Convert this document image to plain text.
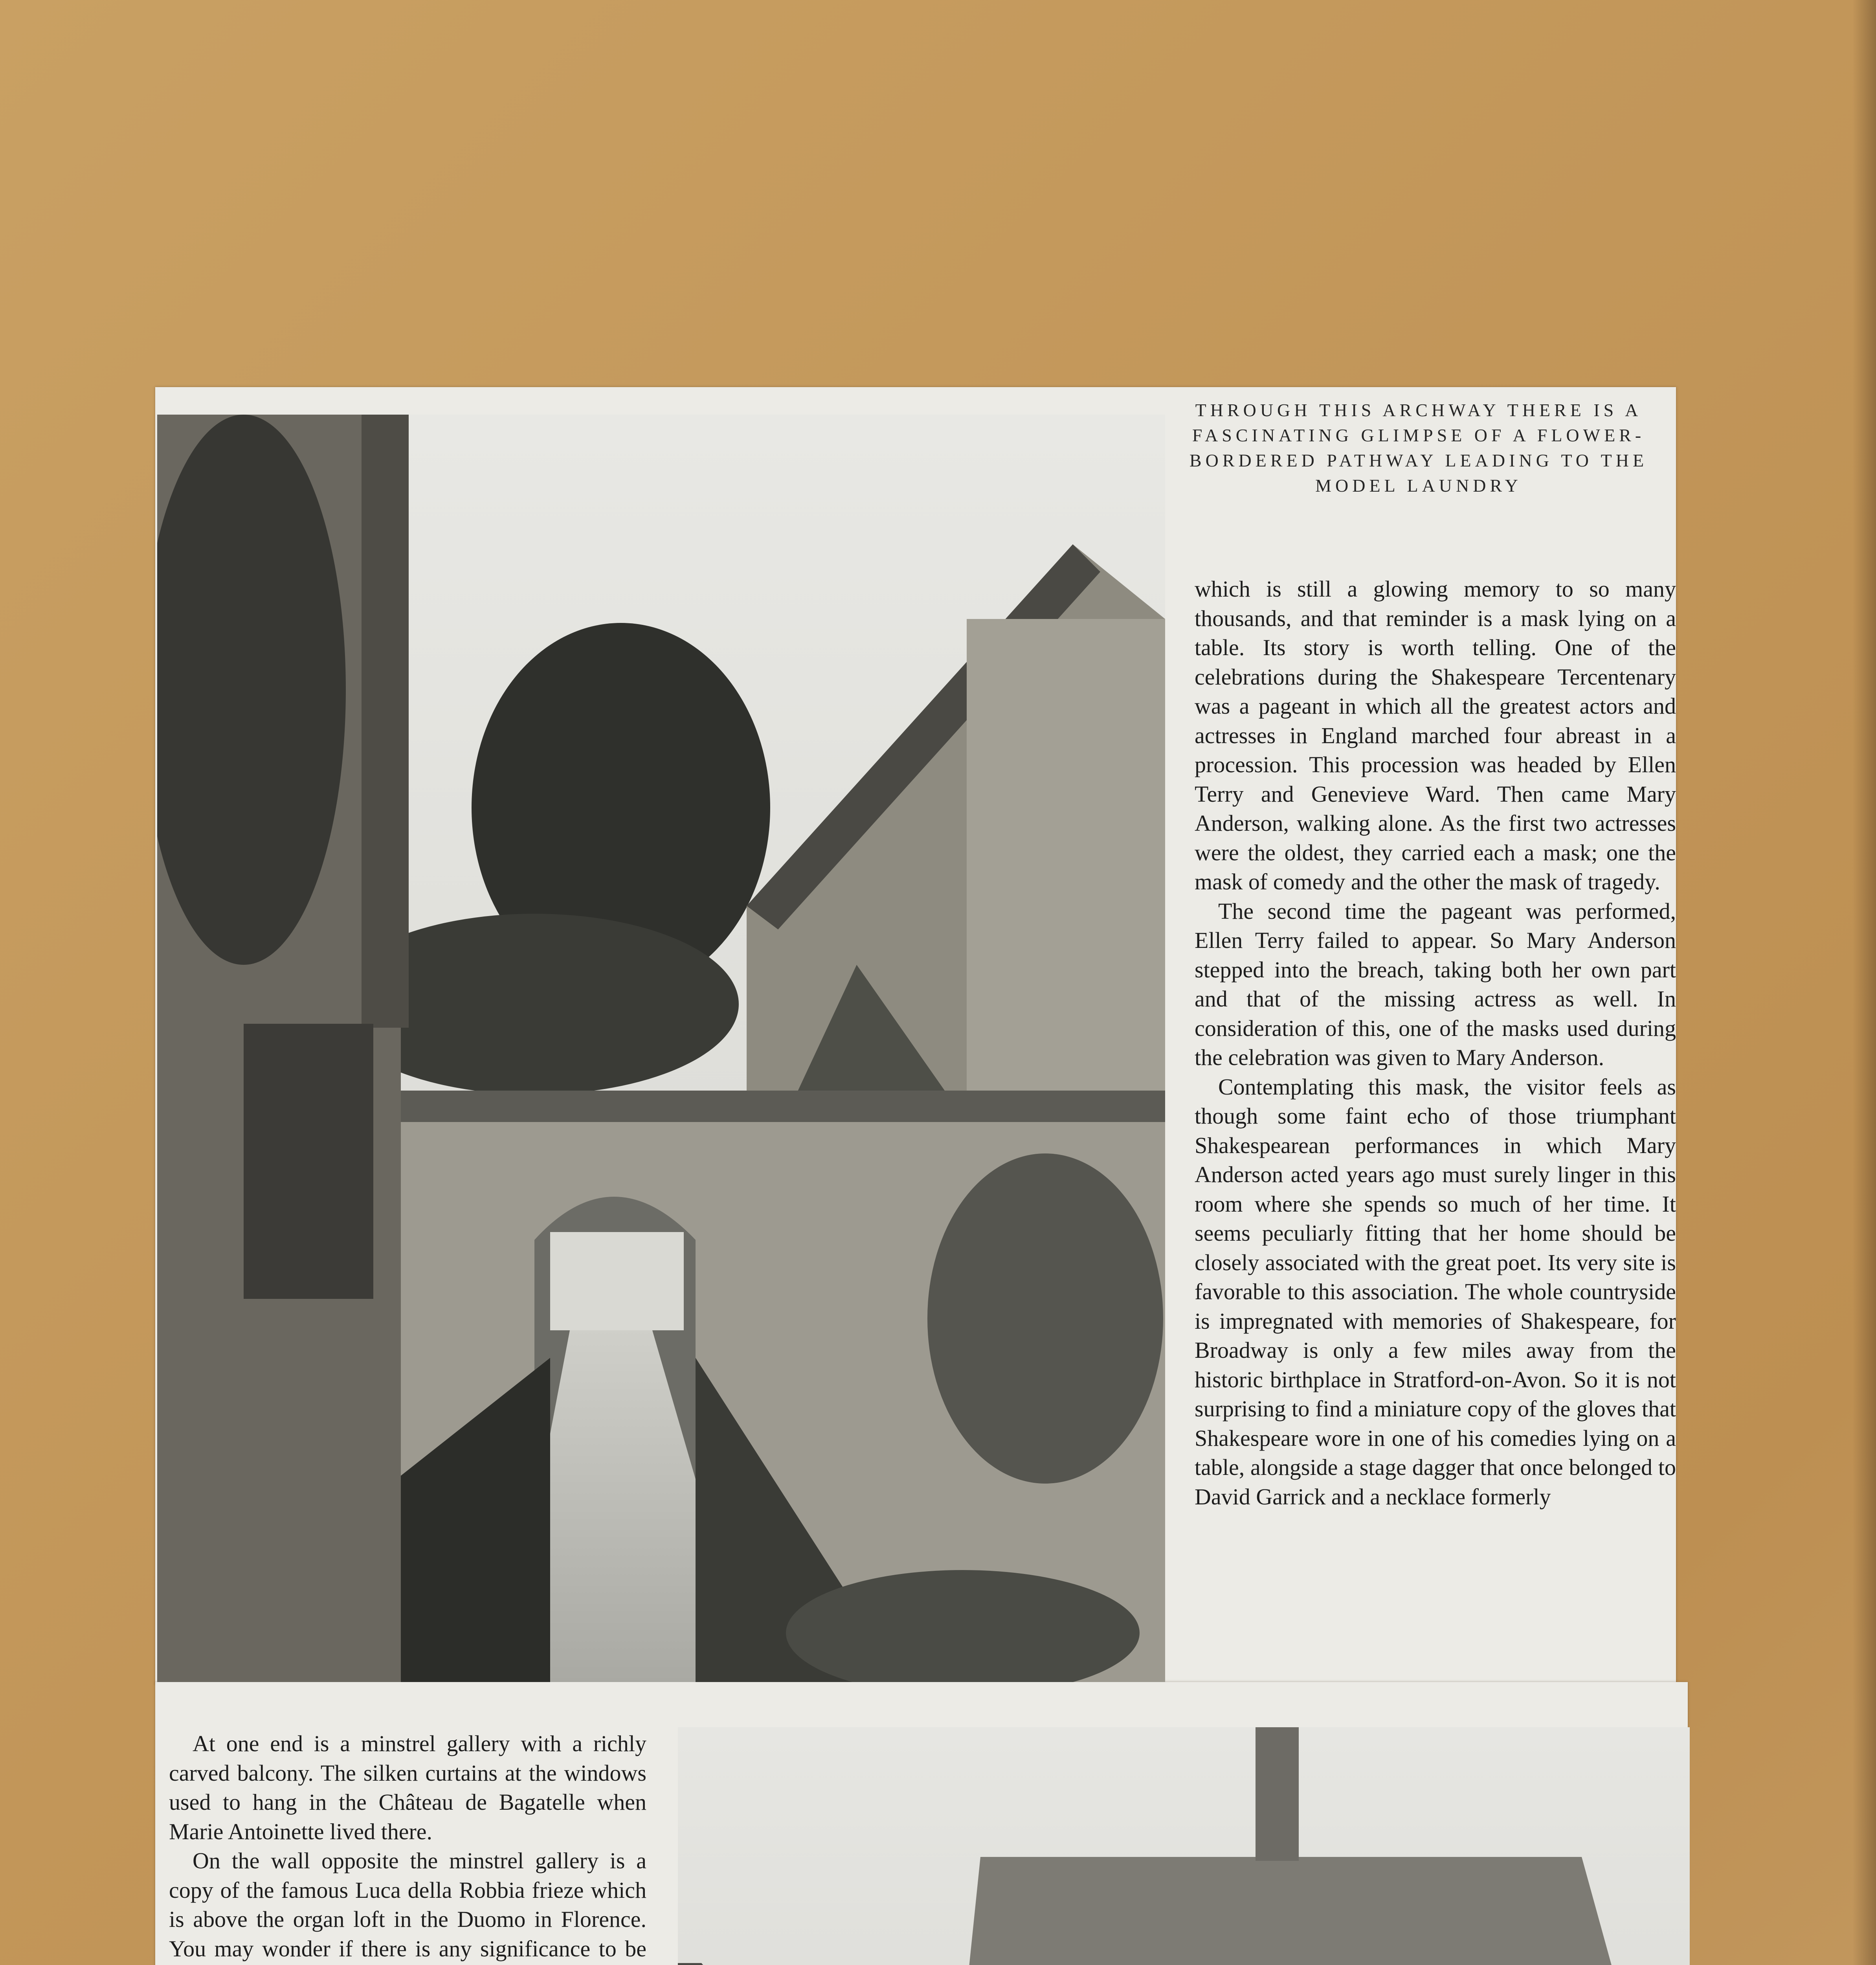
THROUGH THIS ARCHWAY THERE IS A FASCINATING GLIMPSE OF A FLOWER-BORDERED PATHWAY LEADING TO THE MODEL LAUNDRY

which is still a glowing memory to so many thousands, and that reminder is a mask lying on a table. Its story is worth telling. One of the celebrations during the Shakespeare Tercentenary was a pageant in which all the greatest actors and actresses in England marched four abreast in a procession. This procession was headed by Ellen Terry and Genevieve Ward. Then came Mary Anderson, walking alone. As the first two actresses were the oldest, they carried each a mask; one the mask of comedy and the other the mask of tragedy.

The second time the pageant was performed, Ellen Terry failed to appear. So Mary Anderson stepped into the breach, taking both her own part and that of the missing actress as well. In consideration of this, one of the masks used during the celebration was given to Mary Anderson.

Contemplating this mask, the visitor feels as though some faint echo of those triumphant Shakespearean performances in which Mary Anderson acted years ago must surely linger in this room where she spends so much of her time. It seems peculiarly fitting that her home should be closely associated with the great poet. Its very site is favorable to this association. The whole countryside is impregnated with memories of Shakespeare, for Broadway is only a few miles away from the historic birthplace in Stratford-on-Avon. So it is not surprising to find a miniature copy of the gloves that Shakespeare wore in one of his comedies lying on a table, alongside a stage dagger that once belonged to David Garrick and a necklace formerly

At one end is a minstrel gallery with a richly carved balcony. The silken curtains at the windows used to hang in the Château de Bagatelle when Marie Antoinette lived there.

On the wall opposite the minstrel gallery is a copy of the famous Luca della Robbia frieze which is above the organ loft in the Duomo in Florence. You may wonder if there is any significance to be
